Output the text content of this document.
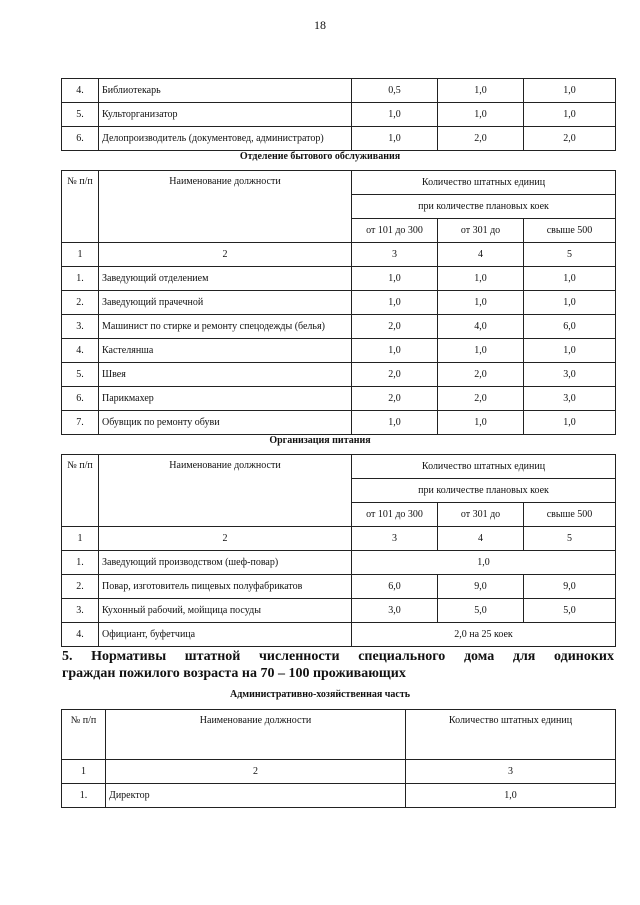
18
4.	Библиотекарь	0,5	1,0	1,0
5.	Культорганизатор	1,0	1,0	1,0
6.	Делопроизводитель (документовед, администратор)	1,0	2,0	2,0
Отделение бытового обслуживания
№ п/п	Наименование должности	Количество штатных единиц		
		при количестве плановых коек		
		от 101 до 300	от 301 до	свыше 500
1	2	3	4	5
1.	Заведующий отделением	1,0	1,0	1,0
2.	Заведующий прачечной	1,0	1,0	1,0
3.	Машинист по стирке и ремонту спецодежды (белья)	2,0	4,0	6,0
4.	Кастелянша	1,0	1,0	1,0
5.	Швея	2,0	2,0	3,0
6.	Парикмахер	2,0	2,0	3,0
7.	Обувщик по ремонту обуви	1,0	1,0	1,0
Организация питания
№ п/п	Наименование должности	Количество штатных единиц		
		при количестве плановых коек		
		от 101 до 300	от 301 до	свыше 500
1	2	3	4	5
1.	Заведующий производством (шеф-повар)	1,0		
2.	Повар, изготовитель пищевых полуфабрикатов	6,0	9,0	9,0
3.	Кухонный рабочий, мойщица посуды	3,0	5,0	5,0
4.	Официант, буфетчица	2,0 на 25 коек		
5. Нормативы штатной численности специального дома для одиноких
граждан пожилого возраста на 70 – 100 проживающих
Административно-хозяйственная часть
№ п/п	Наименование должности	Количество штатных единиц
1	2	3
1.	Директор	1,0
